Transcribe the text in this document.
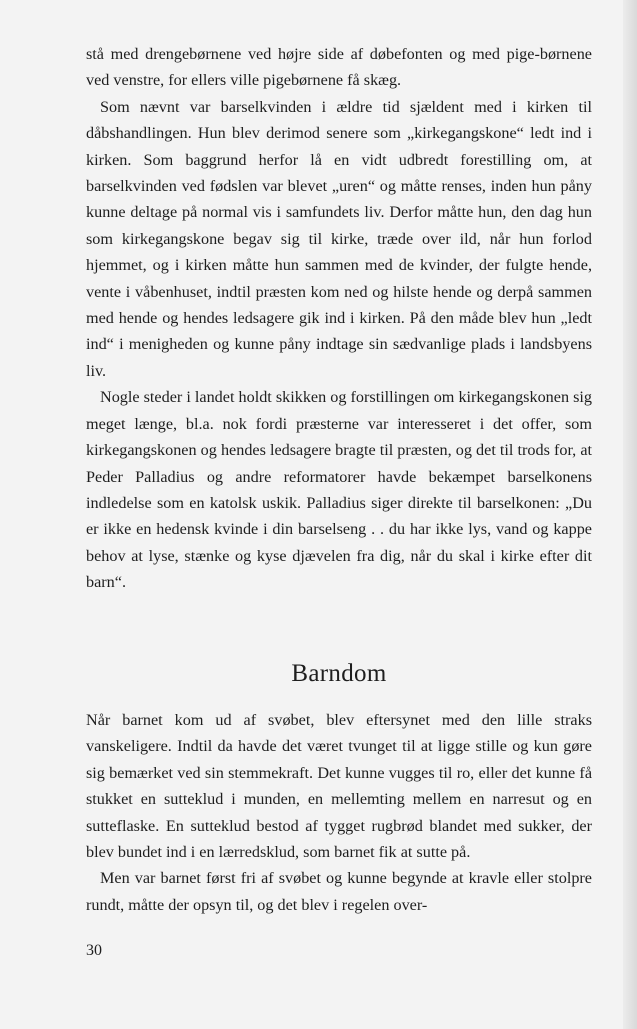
stå med drengebørnene ved højre side af døbefonten og med pige-børnene ved venstre, for ellers ville pigebørnene få skæg.

Som nævnt var barselkvinden i ældre tid sjældent med i kirken til dåbshandlingen. Hun blev derimod senere som „kirkegangskone“ ledt ind i kirken. Som baggrund herfor lå en vidt udbredt forestilling om, at barselkvinden ved fødslen var blevet „uren“ og måtte renses, inden hun påny kunne deltage på normal vis i samfundets liv. Derfor måtte hun, den dag hun som kirkegangskone begav sig til kirke, træde over ild, når hun forlod hjemmet, og i kirken måtte hun sammen med de kvinder, der fulgte hende, vente i våbenhuset, indtil præsten kom ned og hilste hende og derpå sammen med hende og hendes ledsagere gik ind i kirken. På den måde blev hun „ledt ind“ i menigheden og kunne påny indtage sin sædvanlige plads i landsbyens liv.

Nogle steder i landet holdt skikken og forstillingen om kirkegangskonen sig meget længe, bl.a. nok fordi præsterne var interesseret i det offer, som kirkegangskonen og hendes ledsagere bragte til præsten, og det til trods for, at Peder Palladius og andre reformatorer havde bekæmpet barselkonens indledelse som en katolsk uskik. Palladius siger direkte til barselkonen: „Du er ikke en hedensk kvinde i din barselseng . . du har ikke lys, vand og kappe behov at lyse, stænke og kyse djævelen fra dig, når du skal i kirke efter dit barn“.

Barndom

Når barnet kom ud af svøbet, blev eftersynet med den lille straks vanskeligere. Indtil da havde det været tvunget til at ligge stille og kun gøre sig bemærket ved sin stemmekraft. Det kunne vugges til ro, eller det kunne få stukket en sutteklud i munden, en mellemting mellem en narresut og en sutteflaske. En sutteklud bestod af tygget rugbrød blandet med sukker, der blev bundet ind i en lærredsklud, som barnet fik at sutte på.

Men var barnet først fri af svøbet og kunne begynde at kravle eller stolpre rundt, måtte der opsyn til, og det blev i regelen over-

30
